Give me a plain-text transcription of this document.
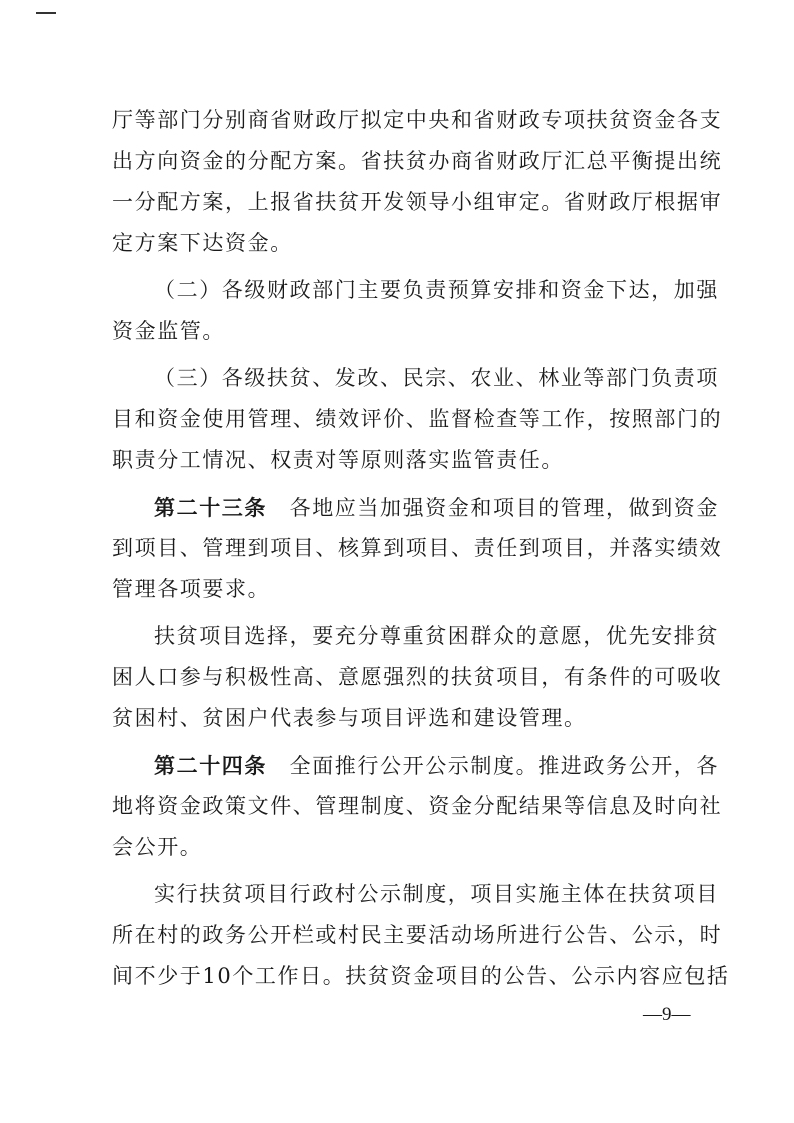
厅等部门分别商省财政厅拟定中央和省财政专项扶贫资金各支
出方向资金的分配方案。省扶贫办商省财政厅汇总平衡提出统
一分配方案，上报省扶贫开发领导小组审定。省财政厅根据审
定方案下达资金。
（二）各级财政部门主要负责预算安排和资金下达，加强
资金监管。
（三）各级扶贫、发改、民宗、农业、林业等部门负责项
目和资金使用管理、绩效评价、监督检查等工作，按照部门的
职责分工情况、权责对等原则落实监管责任。
第二十三条　各地应当加强资金和项目的管理，做到资金
到项目、管理到项目、核算到项目、责任到项目，并落实绩效
管理各项要求。
扶贫项目选择，要充分尊重贫困群众的意愿，优先安排贫
困人口参与积极性高、意愿强烈的扶贫项目，有条件的可吸收
贫困村、贫困户代表参与项目评选和建设管理。
第二十四条　全面推行公开公示制度。推进政务公开，各
地将资金政策文件、管理制度、资金分配结果等信息及时向社
会公开。
实行扶贫项目行政村公示制度，项目实施主体在扶贫项目
所在村的政务公开栏或村民主要活动场所进行公告、公示，时
间不少于10个工作日。扶贫资金项目的公告、公示内容应包括
—9—
